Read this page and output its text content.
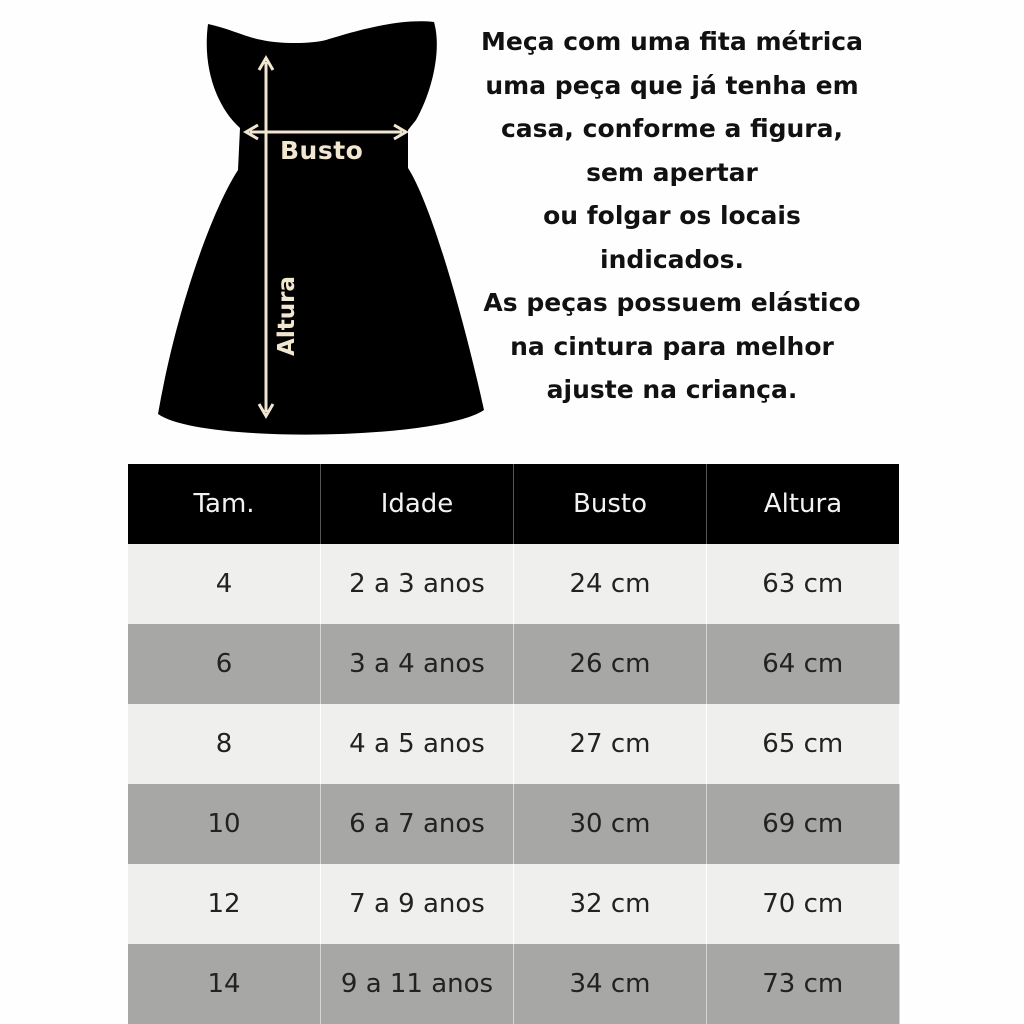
Busto
Altura
Meça com uma fita métrica
uma peça que já tenha em
casa, conforme a figura,
sem apertar
ou folgar os locais
indicados.
As peças possuem elástico
na cintura para melhor
ajuste na criança.
Tam.	Idade	Busto	Altura
4	2 a 3 anos	24 cm	63 cm
6	3 a 4 anos	26 cm	64 cm
8	4 a 5 anos	27 cm	65 cm
10	6 a 7 anos	30 cm	69 cm
12	7 a 9 anos	32 cm	70 cm
14	9 a 11 anos	34 cm	73 cm
